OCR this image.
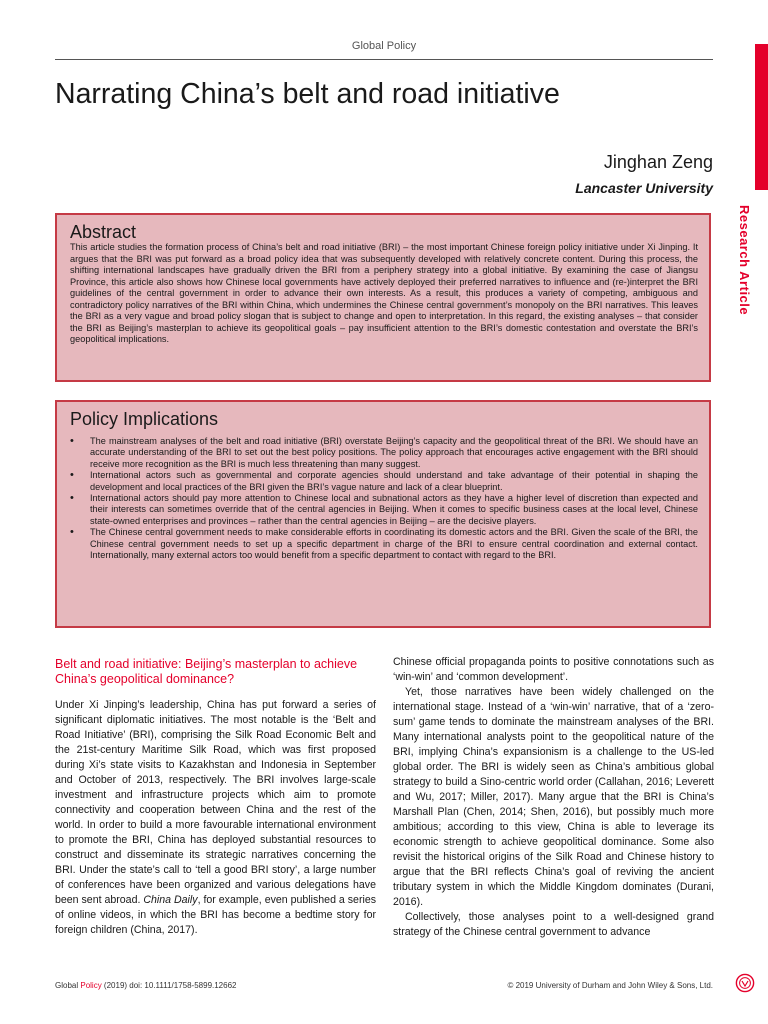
Global Policy
Research Article
Narrating China’s belt and road initiative
Jinghan Zeng
Lancaster University
Abstract

This article studies the formation process of China’s belt and road initiative (BRI) – the most important Chinese foreign policy initiative under Xi Jinping. It argues that the BRI was put forward as a broad policy idea that was subsequently developed with relatively concrete content. During this process, the shifting international landscapes have gradually driven the BRI from a periphery strategy into a global initiative. By examining the case of Jiangsu Province, this article also shows how Chinese local governments have actively deployed their preferred narratives to influence and (re-)interpret the BRI guidelines of the central government in order to advance their own interests. As a result, this produces a variety of competing, ambiguous and contradictory policy narratives of the BRI within China, which undermines the Chinese central government’s monopoly on the BRI narratives. This leaves the BRI as a very vague and broad policy slogan that is subject to change and open to interpretation. In this regard, the existing analyses – that consider the BRI as Beijing’s masterplan to achieve its geopolitical goals – pay insufficient attention to the BRI’s domestic contestation and overstate the BRI’s geopolitical implications.

Policy Implications
• The mainstream analyses of the belt and road initiative (BRI) overstate Beijing’s capacity and the geopolitical threat of the BRI. We should have an accurate understanding of the BRI to set out the best policy positions. The policy approach that encourages active engagement with the BRI should receive more recognition as the BRI is much less threatening than many suggest.
• International actors such as governmental and corporate agencies should understand and take advantage of their potential in shaping the development and local practices of the BRI given the BRI’s vague nature and lack of a clear blueprint.
• International actors should pay more attention to Chinese local and subnational actors as they have a higher level of discretion than expected and their interests can sometimes override that of the central agencies in Beijing. When it comes to specific business cases at the local level, Chinese state-owned enterprises and provinces – rather than the central agencies in Beijing – are the decisive players.
• The Chinese central government needs to make considerable efforts in coordinating its domestic actors and the BRI. Given the scale of the BRI, the Chinese central government needs to set up a specific department in charge of the BRI to ensure central coordination and external contact. Internationally, many external actors too would benefit from a specific department to contact with regard to the BRI.
Belt and road initiative: Beijing’s masterplan to achieve China’s geopolitical dominance?

Under Xi Jinping’s leadership, China has put forward a series of significant diplomatic initiatives. The most notable is the ‘Belt and Road Initiative’ (BRI), comprising the Silk Road Economic Belt and the 21st-century Maritime Silk Road, which was first proposed during Xi’s state visits to Kazakhstan and Indonesia in September and October of 2013, respectively. The BRI involves large-scale investment and infrastructure projects which aim to promote connectivity and cooperation between China and the rest of the world. In order to build a more favourable international environment to promote the BRI, China has deployed substantial resources to construct and disseminate its strategic narratives concerning the BRI. Under the state’s call to ‘tell a good BRI story’, a large number of conferences have been organized and various delegations have been sent abroad. China Daily, for example, even published a series of online videos, in which the BRI has become a bedtime story for foreign children (China, 2017).

Chinese official propaganda points to positive connotations such as ‘win-win’ and ‘common development’.

Yet, those narratives have been widely challenged on the international stage. Instead of a ‘win-win’ narrative, that of a ‘zero-sum’ game tends to dominate the mainstream analyses of the BRI. Many international analysts point to the geopolitical nature of the BRI, implying China’s expansionism is a challenge to the US-led global order. The BRI is widely seen as China’s ambitious global strategy to build a Sino-centric world order (Callahan, 2016; Leverett and Wu, 2017; Miller, 2017). Many argue that the BRI is China’s Marshall Plan (Chen, 2014; Shen, 2016), but possibly much more ambitious; according to this view, China is able to leverage its economic strength to achieve geopolitical dominance. Some also revisit the historical origins of the Silk Road and Chinese history to argue that the BRI reflects China’s goal of reviving the ancient tributary system in which the Middle Kingdom dominates (Durani, 2016).

Collectively, those analyses point to a well-designed grand strategy of the Chinese central government to advance

Global Policy (2019) doi: 10.1111/1758-5899.12662	© 2019 University of Durham and John Wiley & Sons, Ltd.
